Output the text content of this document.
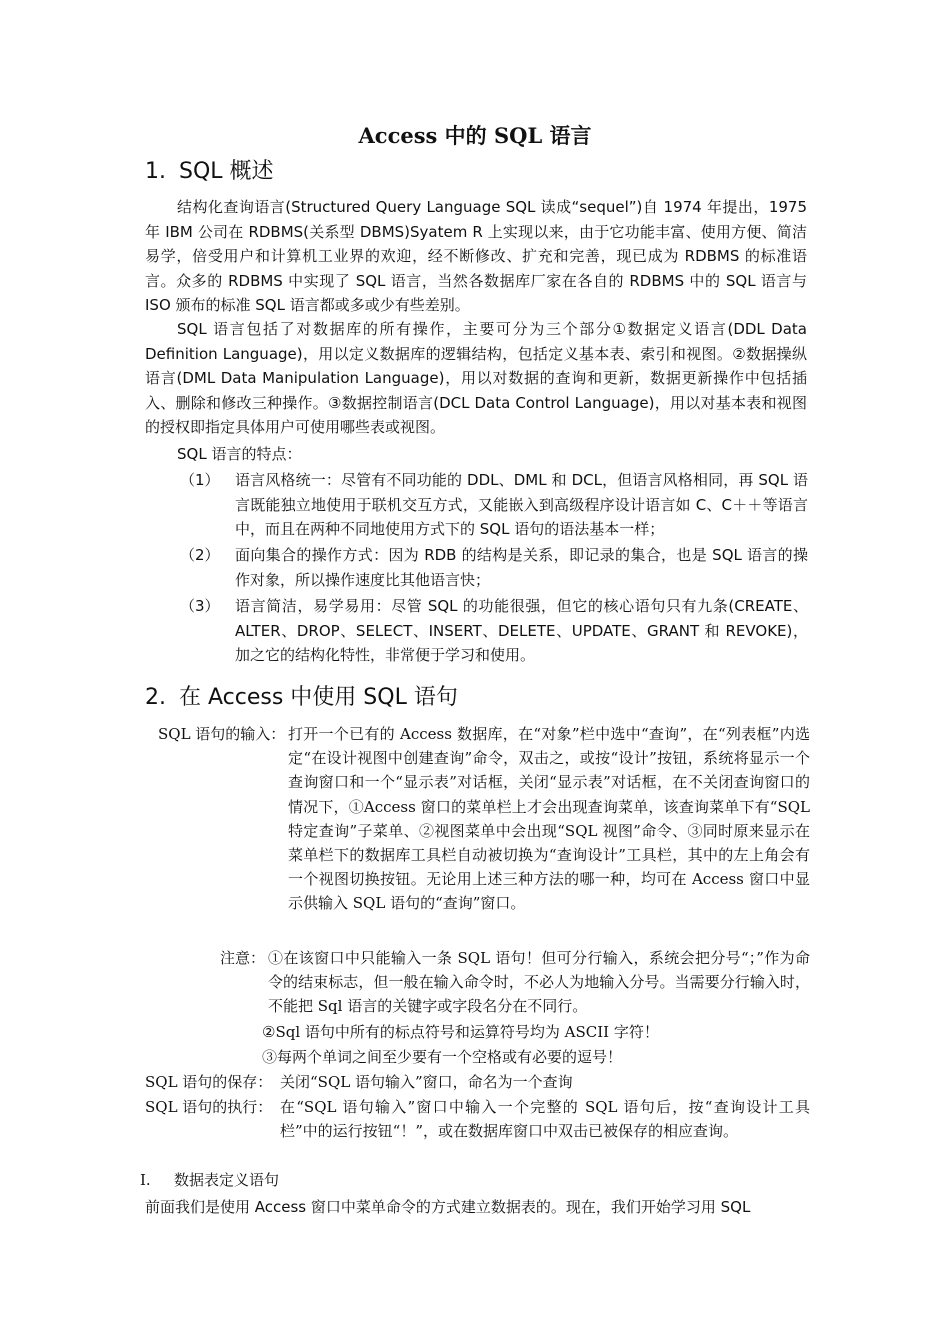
Access 中的 SQL 语言
1. SQL 概述

结构化查询语言(Structured Query Language SQL 读成“sequel”)自 1974 年提出，1975 年 IBM 公司在 RDBMS(关系型 DBMS)Syatem R 上实现以来，由于它功能丰富、使用方便、简洁易学，倍受用户和计算机工业界的欢迎，经不断修改、扩充和完善，现已成为 RDBMS 的标准语言。众多的 RDBMS 中实现了 SQL 语言，当然各数据库厂家在各自的 RDBMS 中的 SQL 语言与 ISO 颁布的标准 SQL 语言都或多或少有些差别。

SQL 语言包括了对数据库的所有操作，主要可分为三个部分①数据定义语言(DDL Data Definition Language)，用以定义数据库的逻辑结构，包括定义基本表、索引和视图。②数据操纵语言(DML Data Manipulation Language)，用以对数据的查询和更新，数据更新操作中包括插入、删除和修改三种操作。③数据控制语言(DCL Data Control Language)，用以对基本表和视图的授权即指定具体用户可使用哪些表或视图。

SQL 语言的特点：
（1）	语言风格统一：尽管有不同功能的 DDL、DML 和 DCL，但语言风格相同，再 SQL 语言既能独立地使用于联机交互方式，又能嵌入到高级程序设计语言如 C、C＋＋等语言中，而且在两种不同地使用方式下的 SQL 语句的语法基本一样；
（2）	面向集合的操作方式：因为 RDB 的结构是关系，即记录的集合，也是 SQL 语言的操作对象，所以操作速度比其他语言快；
（3）	语言简洁，易学易用：尽管 SQL 的功能很强，但它的核心语句只有九条(CREATE、ALTER、DROP、SELECT、INSERT、DELETE、UPDATE、GRANT 和 REVOKE)，加之它的结构化特性，非常便于学习和使用。
2. 在 Access 中使用 SQL 语句
SQL 语句的输入： 打开一个已有的 Access 数据库，在“对象”栏中选中“查询”，在“列表框”内选定“在设计视图中创建查询”命令，双击之，或按“设计”按钮，系统将显示一个查询窗口和一个“显示表”对话框，关闭“显示表”对话框，在不关闭查询窗口的情况下，①Access 窗口的菜单栏上才会出现查询菜单，该查询菜单下有“SQL 特定查询”子菜单、②视图菜单中会出现“SQL 视图”命令、③同时原来显示在菜单栏下的数据库工具栏自动被切换为“查询设计”工具栏，其中的左上角会有一个视图切换按钮。无论用上述三种方法的哪一种，均可在 Access 窗口中显示供输入 SQL 语句的“查询”窗口。
注意： ①在该窗口中只能输入一条 SQL 语句！但可分行输入，系统会把分号“；”作为命令的结束标志，但一般在输入命令时，不必人为地输入分号。当需要分行输入时，不能把 Sql 语言的关键字或字段名分在不同行。
②Sql 语句中所有的标点符号和运算符号均为 ASCII 字符！
③每两个单词之间至少要有一个空格或有必要的逗号！
SQL 语句的保存： 关闭“SQL 语句输入”窗口，命名为一个查询
SQL 语句的执行： 在“SQL 语句输入”窗口中输入一个完整的 SQL 语句后，按“查询设计工具栏”中的运行按钮“！”，或在数据库窗口中双击已被保存的相应查询。
I. 数据表定义语句
前面我们是使用 Access 窗口中菜单命令的方式建立数据表的。现在，我们开始学习用 SQL
